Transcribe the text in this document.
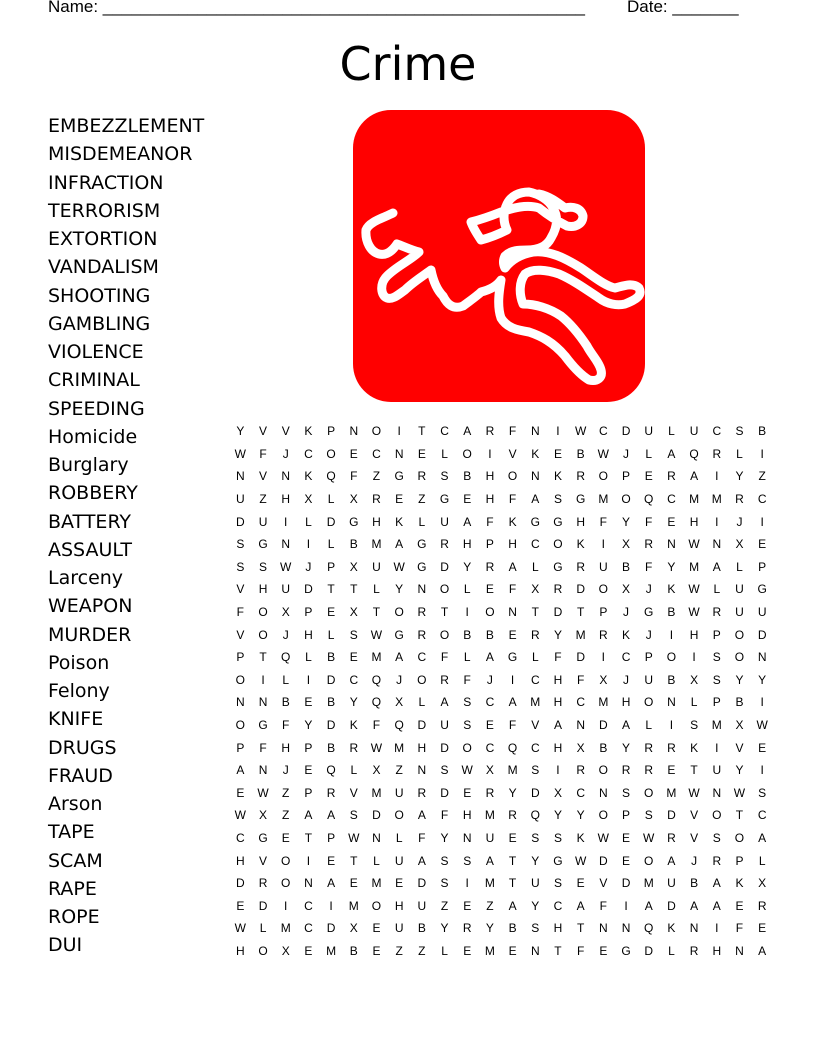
Name: ___________________________________________________ Date: _______
Crime
EMBEZZLEMENT
MISDEMEANOR
INFRACTION
TERRORISM
EXTORTION
VANDALISM
SHOOTING
GAMBLING
VIOLENCE
CRIMINAL
SPEEDING
Homicide
Burglary
ROBBERY
BATTERY
ASSAULT
Larceny
WEAPON
MURDER
Poison
Felony
KNIFE
DRUGS
FRAUD
Arson
TAPE
SCAM
RAPE
ROPE
DUI
Y	V	V	K	P	N	O	I	T	C	A	R	F	N	I	W	C	D	U	L	U	C	S	B
W	F	J	C	O	E	C	N	E	L	O	I	V	K	E	B	W	J	L	A	Q	R	L	I
N	V	N	K	Q	F	Z	G	R	S	B	H	O	N	K	R	O	P	E	R	A	I	Y	Z
U	Z	H	X	L	X	R	E	Z	G	E	H	F	A	S	G	M	O	Q	C	M	M	R	C
D	U	I	L	D	G	H	K	L	U	A	F	K	G	G	H	F	Y	F	E	H	I	J	I
S	G	N	I	L	B	M	A	G	R	H	P	H	C	O	K	I	X	R	N	W	N	X	E
S	S	W	J	P	X	U	W	G	D	Y	R	A	L	G	R	U	B	F	Y	M	A	L	P
V	H	U	D	T	T	L	Y	N	O	L	E	F	X	R	D	O	X	J	K	W	L	U	G
F	O	X	P	E	X	T	O	R	T	I	O	N	T	D	T	P	J	G	B	W	R	U	U
V	O	J	H	L	S	W	G	R	O	B	B	E	R	Y	M	R	K	J	I	H	P	O	D
P	T	Q	L	B	E	M	A	C	F	L	A	G	L	F	D	I	C	P	O	I	S	O	N
O	I	L	I	D	C	Q	J	O	R	F	J	I	C	H	F	X	J	U	B	X	S	Y	Y
N	N	B	E	B	Y	Q	X	L	A	S	C	A	M	H	C	M	H	O	N	L	P	B	I
O	G	F	Y	D	K	F	Q	D	U	S	E	F	V	A	N	D	A	L	I	S	M	X	W
P	F	H	P	B	R	W	M	H	D	O	C	Q	C	H	X	B	Y	R	R	K	I	V	E
A	N	J	E	Q	L	X	Z	N	S	W	X	M	S	I	R	O	R	R	E	T	U	Y	I
E	W	Z	P	R	V	M	U	R	D	E	R	Y	D	X	C	N	S	O	M	W	N	W	S
W	X	Z	A	A	S	D	O	A	F	H	M	R	Q	Y	Y	O	P	S	D	V	O	T	C
C	G	E	T	P	W	N	L	F	Y	N	U	E	S	S	K	W	E	W	R	V	S	O	A
H	V	O	I	E	T	L	U	A	S	S	A	T	Y	G	W	D	E	O	A	J	R	P	L
D	R	O	N	A	E	M	E	D	S	I	M	T	U	S	E	V	D	M	U	B	A	K	X
E	D	I	C	I	M	O	H	U	Z	E	Z	A	Y	C	A	F	I	A	D	A	A	E	R
W	L	M	C	D	X	E	U	B	Y	R	Y	B	S	H	T	N	N	Q	K	N	I	F	E
H	O	X	E	M	B	E	Z	Z	L	E	M	E	N	T	F	E	G	D	L	R	H	N	A
